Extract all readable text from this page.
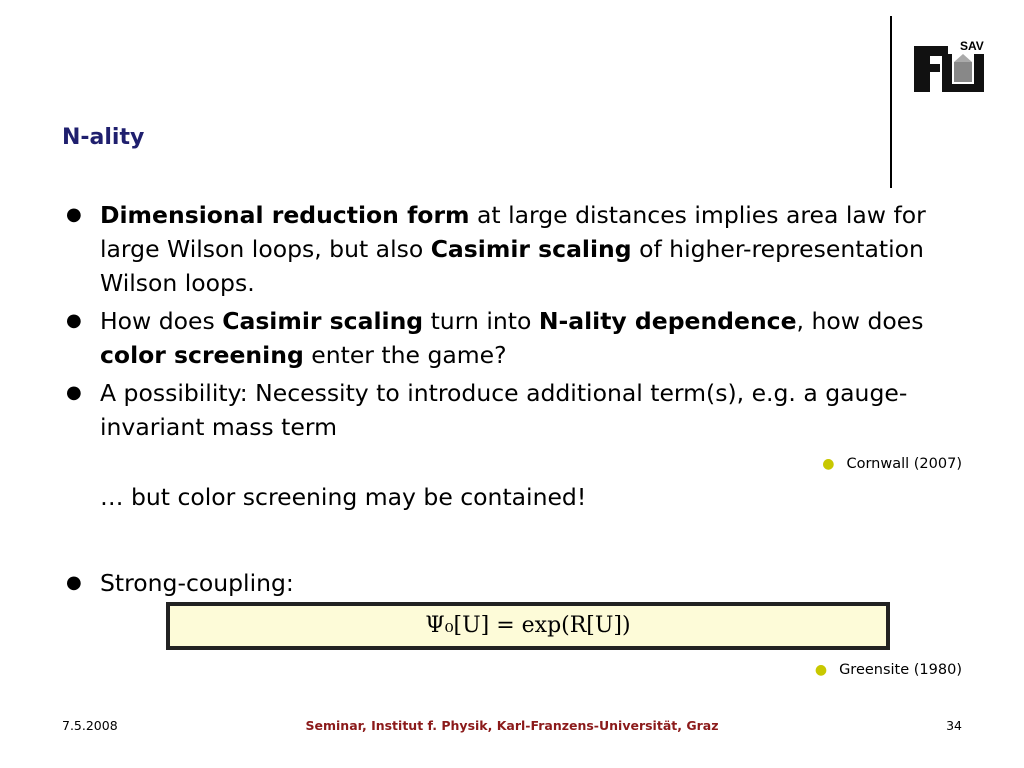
SAV
N-ality
● Dimensional reduction form at large distances implies area law for large Wilson loops, but also Casimir scaling of higher-representation Wilson loops.
● How does Casimir scaling turn into N-ality dependence, how does color screening enter the game?
● A possibility: Necessity to introduce additional term(s), e.g. a gauge-invariant mass term
● Cornwall (2007)
… but color screening may be contained!
● Strong-coupling:
Ψ₀[U] = exp(R[U])
● Greensite (1980)
7.5.2008	Seminar, Institut f. Physik, Karl-Franzens-Universität, Graz	34
